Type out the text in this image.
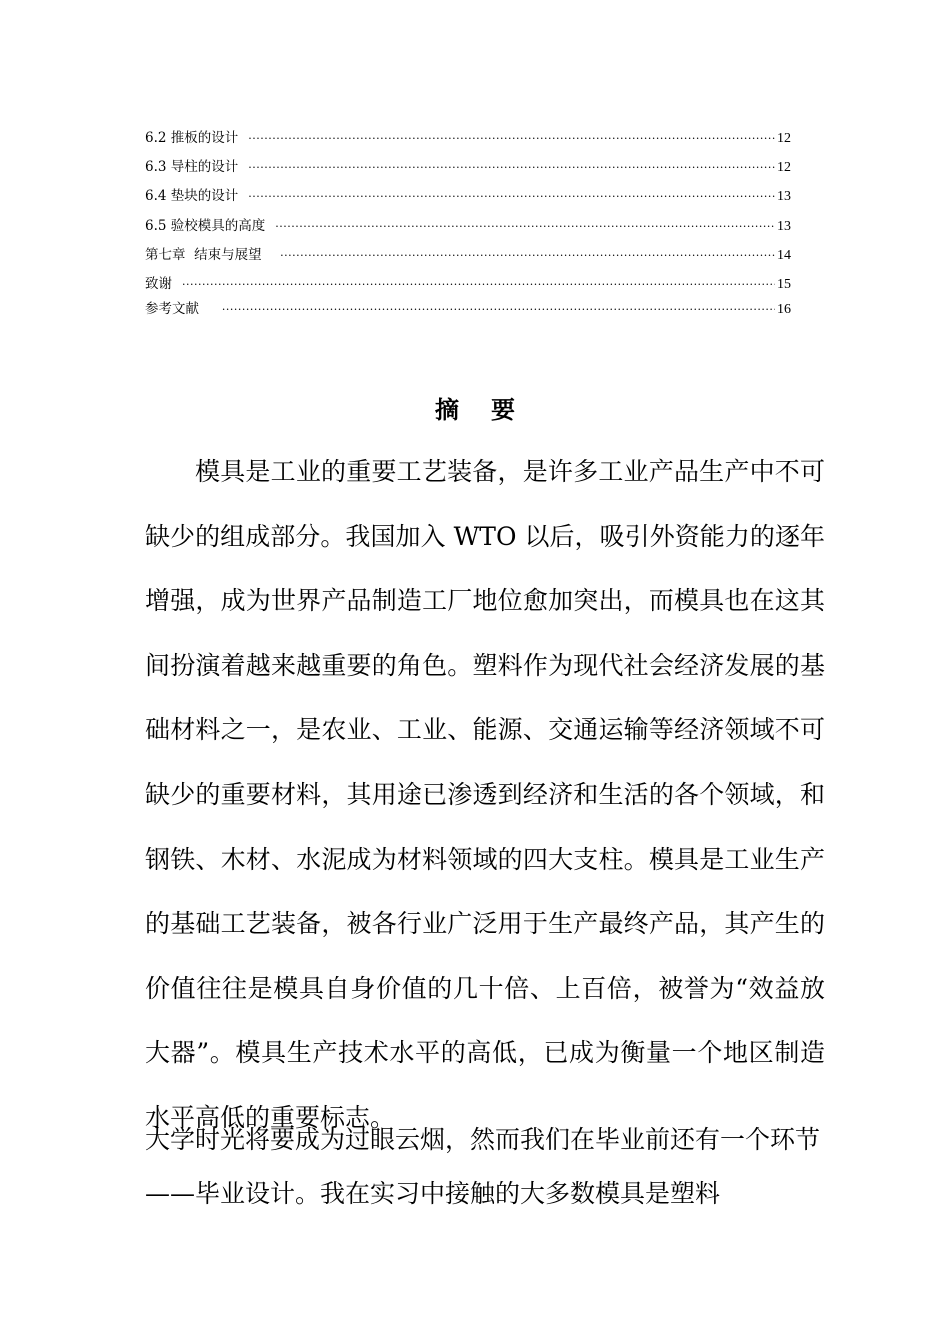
6.2 推板的设计 ·····	12
6.3 导柱的设计 ·····	12
6.4 垫块的设计 ·····	13
6.5 验校模具的高度 ·····	13
第七章  结束与展望 ·····	14
致谢 ·····	15
参考文献 ·····	16
摘要

模具是工业的重要工艺装备，是许多工业产品生产中不可缺少的组成部分。我国加入 WTO 以后，吸引外资能力的逐年增强，成为世界产品制造工厂地位愈加突出，而模具也在这其间扮演着越来越重要的角色。塑料作为现代社会经济发展的基础材料之一，是农业、工业、能源、交通运输等经济领域不可缺少的重要材料，其用途已渗透到经济和生活的各个领域，和钢铁、木材、水泥成为材料领域的四大支柱。模具是工业生产的基础工艺装备，被各行业广泛用于生产最终产品，其产生的价值往往是模具自身价值的几十倍、上百倍，被誉为“效益放大器”。模具生产技术水平的高低，已成为衡量一个地区制造水平高低的重要标志。

大学时光将要成为过眼云烟，然而我们在毕业前还有一个环节——毕业设计。我在实习中接触的大多数模具是塑料
